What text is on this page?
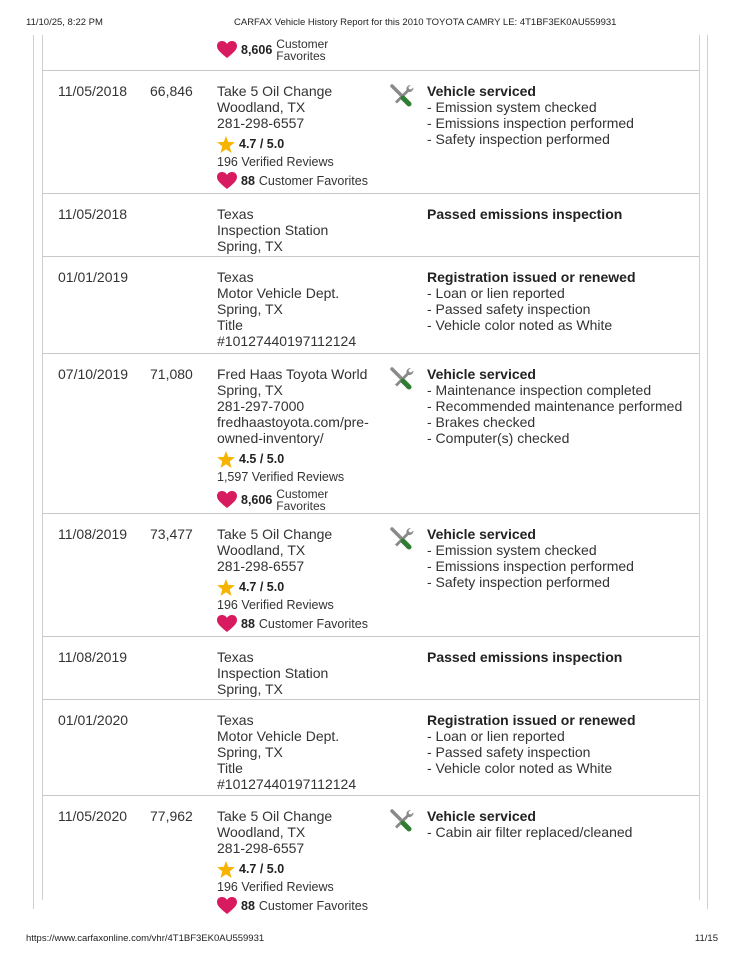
11/10/25, 8:22 PM	CARFAX Vehicle History Report for this 2010 TOYOTA CAMRY LE: 4T1BF3EK0AU559931
8,606 Customer
Favorites
11/05/2018 66,846 Take 5 Oil Change
Woodland, TX
281-298-6557
4.7 / 5.0
196 Verified Reviews
88 Customer Favorites
Vehicle serviced
- Emission system checked
- Emissions inspection performed
- Safety inspection performed
11/05/2018	Texas
Inspection Station
Spring, TX
Passed emissions inspection
01/01/2019	Texas
Motor Vehicle Dept.
Spring, TX
Title
#10127440197112124
Registration issued or renewed
- Loan or lien reported
- Passed safety inspection
- Vehicle color noted as White
07/10/2019 71,080 Fred Haas Toyota World
Spring, TX
281-297-7000
fredhaastoyota.com/pre-
owned-inventory/
4.5 / 5.0
1,597 Verified Reviews
8,606 Customer
Favorites
Vehicle serviced
- Maintenance inspection completed
- Recommended maintenance performed
- Brakes checked
- Computer(s) checked
11/08/2019 73,477 Take 5 Oil Change
Woodland, TX
281-298-6557
4.7 / 5.0
196 Verified Reviews
88 Customer Favorites
Vehicle serviced
- Emission system checked
- Emissions inspection performed
- Safety inspection performed
11/08/2019	Texas
Inspection Station
Spring, TX
Passed emissions inspection
01/01/2020	Texas
Motor Vehicle Dept.
Spring, TX
Title
#10127440197112124
Registration issued or renewed
- Loan or lien reported
- Passed safety inspection
- Vehicle color noted as White
11/05/2020 77,962 Take 5 Oil Change
Woodland, TX
281-298-6557
4.7 / 5.0
196 Verified Reviews
88 Customer Favorites
Vehicle serviced
- Cabin air filter replaced/cleaned
https://www.carfaxonline.com/vhr/4T1BF3EK0AU559931	11/15
